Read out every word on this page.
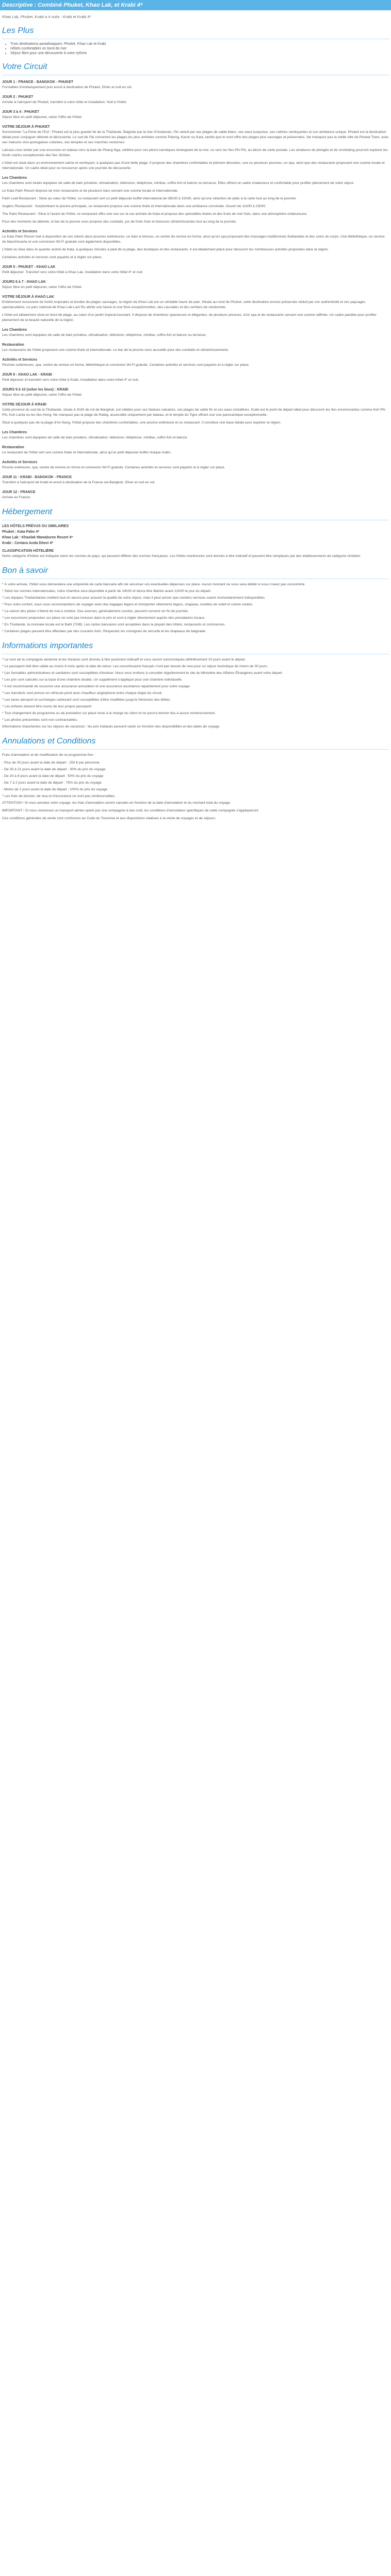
Descriptive : Combiné Phuket, Khao Lak, et Krabi 4*
Khao Lak, Phuket, Krabi a 4 nuits - Krabi et Krabi 4*
Les Plus
• Trois destinations paradisiaques: Phuket, Khao Lak et Krabi
• Hôtels confortables en bord de mer
• Séjour libre pour une découverte à votre rythme
Votre Circuit
JOUR 1 : FRANCE - BANGKOK - PHUKET

Formalités d'embarquement puis envol à destination de Phuket. Dîner et nuit en vol.

JOUR 2 : PHUKET

Arrivée à l'aéroport de Phuket, transfert à votre hôtel et installation. Nuit à l'hôtel.

JOUR 3 à 4 : PHUKET

Séjour libre en petit déjeuner, selon l'offre de l'hôtel.

VOTRE SÉJOUR À PHUKET

Surnommée "La Perle de l'Est", Phuket est la plus grande île de la Thaïlande. Baignée par la mer d'Andaman, l'île séduit par ses plages de sable blanc, ses eaux turquoise, ses collines verdoyantes et son ambiance unique. Phuket est la destination idéale pour conjuguer détente et découverte. Le sud de l'île concentre les plages les plus animées comme Patong, Karon ou Kata, tandis que le nord offre des plages plus sauvages et préservées. Ne manquez pas la vieille ville de Phuket Town, avec ses maisons sino-portugaises colorées, ses temples et ses marchés nocturnes.

Laissez-vous tenter par une excursion en bateau vers la baie de Phang Nga, célèbre pour ses pitons karstiques émergeant de la mer, ou vers les îles Phi Phi, au décor de carte postale. Les amateurs de plongée et de snorkeling pourront explorer les fonds marins exceptionnels des îles Similan.

L'hôtel est situé dans un environnement calme et verdoyant, à quelques pas d'une belle plage. Il propose des chambres confortables et joliment décorées, une ou plusieurs piscines, un spa, ainsi que des restaurants proposant une cuisine locale et internationale. Un cadre idéal pour se ressourcer après une journée de découverte.

Les Chambres

Les chambres sont toutes équipées de salle de bain privative, climatisation, télévision, téléphone, minibar, coffre-fort et balcon ou terrasse. Elles offrent un cadre chaleureux et confortable pour profiter pleinement de votre séjour.

Le Kata Palm Resort dispose de trois restaurants et de plusieurs bars servant une cuisine locale et internationale.

Palm Leaf Restaurant : Situé au cœur de l'hôtel, ce restaurant sert un petit déjeuner buffet international de 06h30 à 10h30, ainsi qu'une sélection de plats à la carte tout au long de la journée.

Anglers Restaurant : Surplombant la piscine principale, ce restaurant propose une cuisine thaïe et internationale dans une ambiance conviviale. Ouvert de 11h00 à 23h00.

The Palm Restaurant : Situé à l'avant de l'hôtel, ce restaurant offre une vue sur la rue animée de Kata et propose des spécialités thaïes et des fruits de mer frais, dans une atmosphère chaleureuse.

Pour des moments de détente, le bar de la piscine vous propose des cocktails, jus de fruits frais et boissons rafraîchissantes tout au long de la journée.

Activités et Services

Le Kata Palm Resort met à disposition de ses clients deux piscines extérieures, un bain à remous, un centre de remise en forme, ainsi qu'un spa proposant des massages traditionnels thaïlandais et des soins du corps. Une bibliothèque, un service de blanchisserie et une connexion Wi-Fi gratuite sont également disponibles.

L'hôtel se situe dans le quartier animé de Kata, à quelques minutes à pied de la plage, des boutiques et des restaurants. Il est idéalement placé pour découvrir les nombreuses activités proposées dans la région.

Certaines activités et services sont payants et à régler sur place.

JOUR 5 : PHUKET - KHAO LAK

Petit déjeuner. Transfert vers votre hôtel à Khao Lak, installation dans votre hôtel 4* et nuit.

JOURS 6 à 7 : KHAO LAK

Séjour libre en petit déjeuner, selon l'offre de l'hôtel.

VOTRE SÉJOUR À KHAO LAK

Entièrement recouverte de forêts tropicales et bordée de plages sauvages, la région de Khao Lak est un véritable havre de paix. Située au nord de Phuket, cette destination encore préservée séduit par son authenticité et ses paysages spectaculaires. Le parc national de Khao Lak-Lam Ru abrite une faune et une flore exceptionnelles, des cascades et des sentiers de randonnée.

L'hôtel est idéalement situé en bord de plage, au cœur d'un jardin tropical luxuriant. Il dispose de chambres spacieuses et élégantes, de plusieurs piscines, d'un spa et de restaurants servant une cuisine raffinée. Un cadre paisible pour profiter pleinement de la beauté naturelle de la région.

Les Chambres

Les chambres sont équipées de salle de bain privative, climatisation, télévision, téléphone, minibar, coffre-fort et balcon ou terrasse.

Restauration

Les restaurants de l'hôtel proposent une cuisine thaïe et internationale. Le bar de la piscine vous accueille pour des cocktails et rafraîchissements.

Activités et Services

Piscines extérieures, spa, centre de remise en forme, bibliothèque et connexion Wi-Fi gratuite. Certaines activités et services sont payants et à régler sur place.

JOUR 8 : KHAO LAK - KRABI

Petit déjeuner et transfert vers votre hôtel à Krabi. Installation dans votre hôtel 4* et nuit.

JOURS 9 à 10 (selon les lieux) : KRABI

Séjour libre en petit déjeuner, selon l'offre de l'hôtel.

VOTRE SÉJOUR À KRABI

Cette province du sud de la Thaïlande, située à 1h30 de vol de Bangkok, est célèbre pour ses falaises calcaires, ses plages de sable fin et ses eaux cristallines. Krabi est le point de départ idéal pour découvrir les îles environnantes comme Koh Phi Phi, Koh Lanta ou les îles Hong. Ne manquez pas la plage de Railay, accessible uniquement par bateau, et le temple du Tigre offrant une vue panoramique exceptionnelle.

Situé à quelques pas de la plage d'Ao Nang, l'hôtel propose des chambres confortables, une piscine extérieure et un restaurant. Il constitue une base idéale pour explorer la région.

Les Chambres

Les chambres sont équipées de salle de bain privative, climatisation, télévision, téléphone, minibar, coffre-fort et balcon.

Restauration

Le restaurant de l'hôtel sert une cuisine thaïe et internationale, ainsi qu'un petit déjeuner buffet chaque matin.

Activités et Services

Piscine extérieure, spa, centre de remise en forme et connexion Wi-Fi gratuite. Certaines activités et services sont payants et à régler sur place.

JOUR 11 : KRABI - BANGKOK - FRANCE

Transfert à l'aéroport de Krabi et envol à destination de la France via Bangkok. Dîner et nuit en vol.

JOUR 12 : FRANCE

Arrivée en France.

Hébergement
LES HÔTELS PRÉVUS OU SIMILAIRES
Phuket : Kata Palm 4*
Khao Lak : Khaolak Wanaburee Resort 4*
Krabi : Centara Anda Dhevi 4*
CLASSIFICATION HÔTELIÈRE

Notre catégorie d'hôtels est indiquée selon les normes du pays, qui peuvent différer des normes françaises. Les hôtels mentionnés sont donnés à titre indicatif et peuvent être remplacés par des établissements de catégorie similaire.

Bon à savoir

* À votre arrivée, l'hôtel vous demandera une empreinte de carte bancaire afin de sécuriser vos éventuelles dépenses sur place. Aucun montant ne vous sera débité si vous n'avez pas consommé.

* Selon les normes internationales, votre chambre sera disponible à partir de 14h00 et devra être libérée avant 12h00 le jour du départ.

* Les équipes Thaïlandaises mettent tout en œuvre pour assurer la qualité de votre séjour, mais il peut arriver que certains services soient momentanément indisponibles.

* Pour votre confort, nous vous recommandons de voyager avec des bagages légers et d'emporter vêtements légers, chapeau, lunettes de soleil et crème solaire.

* La saison des pluies s'étend de mai à octobre. Des averses, généralement courtes, peuvent survenir en fin de journée.

* Les excursions proposées sur place ne sont pas incluses dans le prix et sont à régler directement auprès des prestataires locaux.

* En Thaïlande, la monnaie locale est le Baht (THB). Les cartes bancaires sont acceptées dans la plupart des hôtels, restaurants et commerces.

* Certaines plages peuvent être affectées par des courants forts. Respectez les consignes de sécurité et les drapeaux de baignade.

Informations importantes

* Le nom de la compagnie aérienne et les horaires sont donnés à titre purement indicatif et vous seront communiqués définitivement 10 jours avant le départ.

* Le passeport doit être valide au moins 6 mois après la date de retour. Les ressortissants français n'ont pas besoin de visa pour un séjour touristique de moins de 30 jours.

* Les formalités administratives et sanitaires sont susceptibles d'évoluer. Nous vous invitons à consulter régulièrement le site du Ministère des Affaires Étrangères avant votre départ.

* Les prix sont calculés sur la base d'une chambre double. Un supplément s'applique pour une chambre individuelle.

* Il est recommandé de souscrire une assurance annulation et une assurance assistance rapatriement pour votre voyage.

* Les transferts sont prévus en véhicule privé avec chauffeur anglophone entre chaque étape du circuit.

* Les taxes aéroport et surcharges carburant sont susceptibles d'être modifiées jusqu'à l'émission des billets.

* Les enfants doivent être munis de leur propre passeport.

* Tout changement de programme ou de prestation sur place reste à la charge du client et ne pourra donner lieu à aucun remboursement.

* Les photos présentées sont non contractuelles.

Informations importantes sur les séjours de vacances : les prix indiqués peuvent varier en fonction des disponibilités et des dates de voyage.

Annulations et Conditions

Frais d'annulation et de modification de ce programme fixe :

- Plus de 30 jours avant la date de départ : 150 € par personne

- De 30 à 21 jours avant la date de départ : 30% du prix du voyage

- De 20 à 8 jours avant la date de départ : 50% du prix du voyage

- De 7 à 2 jours avant la date de départ : 75% du prix du voyage

- Moins de 2 jours avant la date de départ : 100% du prix du voyage

* Les frais de dossier, de visa et d'assurance ne sont pas remboursables.

ATTENTION ! Si vous annulez votre voyage, les frais d'annulation seront calculés en fonction de la date d'annulation et du montant total du voyage.

IMPORTANT ! Si vous choisissez un transport aérien opéré par une compagnie à bas coût, les conditions d'annulation spécifiques de cette compagnie s'appliqueront.

Ces conditions générales de vente sont conformes au Code du Tourisme et aux dispositions relatives à la vente de voyages et de séjours.
